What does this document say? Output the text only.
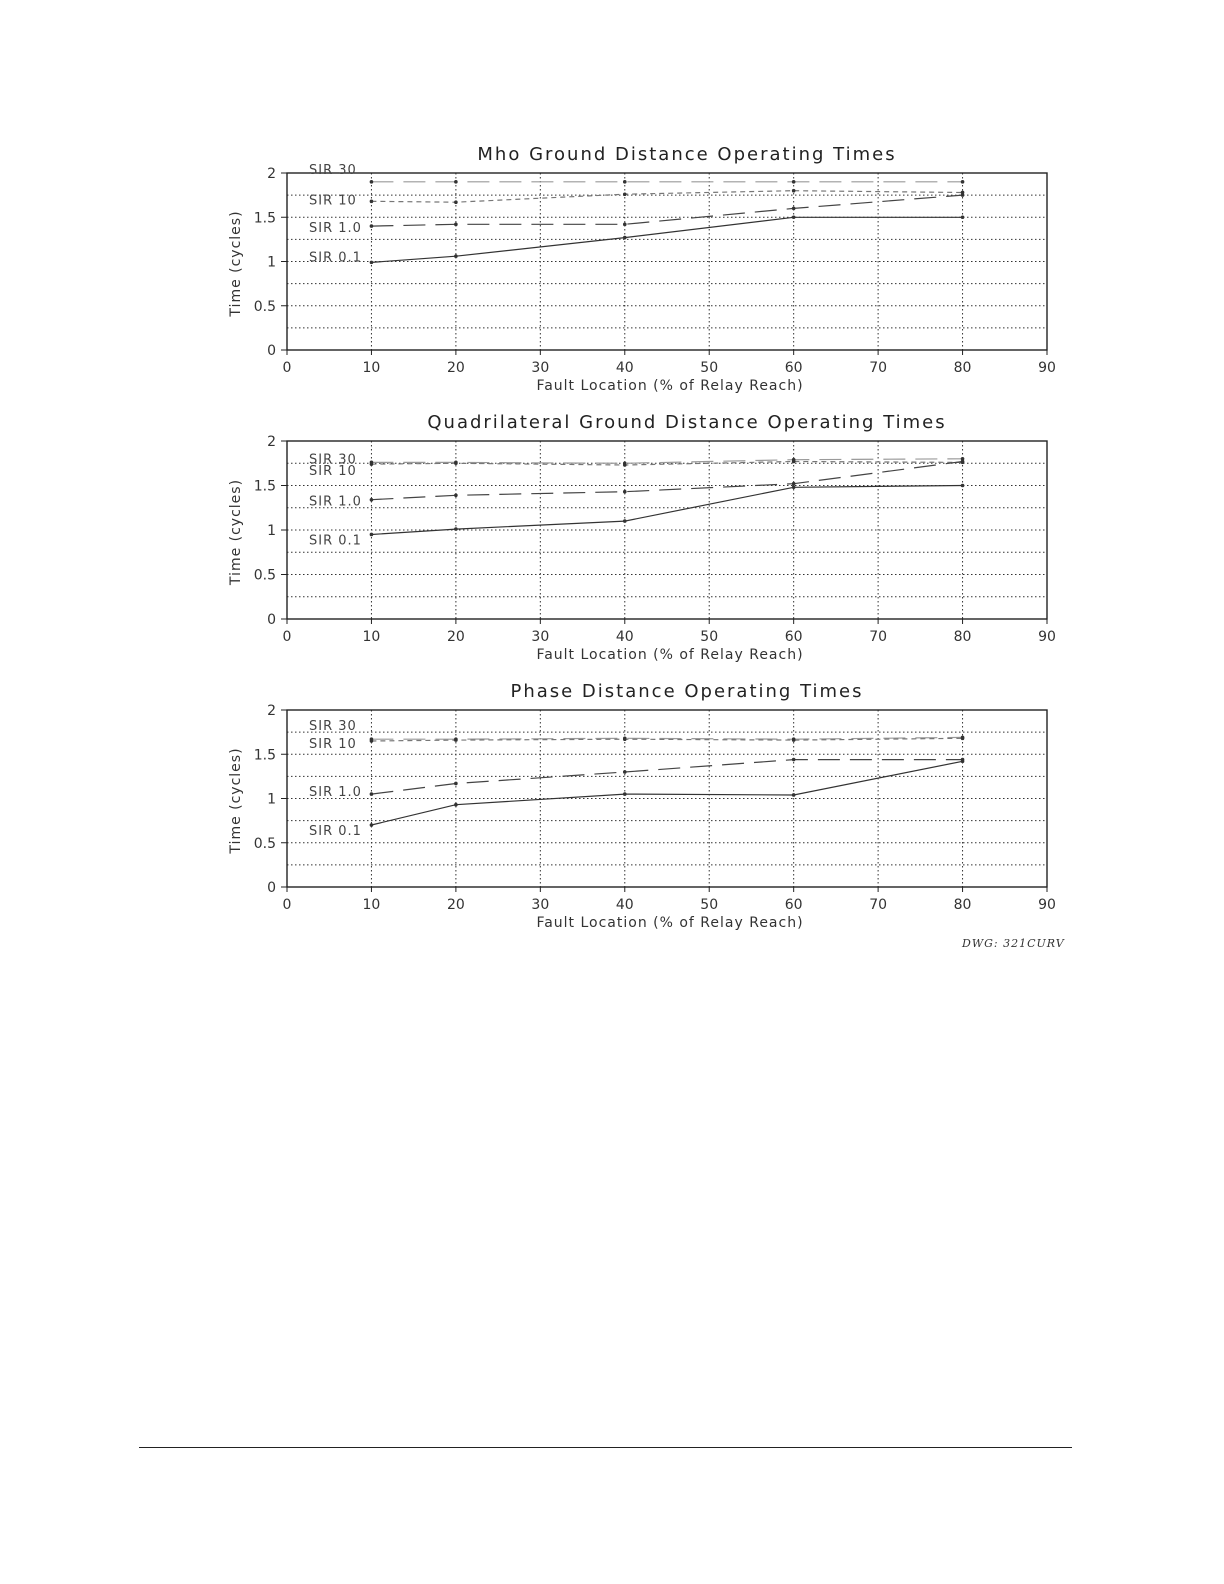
Mho Ground Distance Operating Times
0
0.5
1
1.5
2
0	10	20	30	40	50	60	70	80	90
Fault Location (% of Relay Reach)
Time (cycles)
SIR 30
SIR 10
SIR 1.0
SIR 0.1
Quadrilateral Ground Distance Operating Times
0
0.5
1
1.5
2
0	10	20	30	40	50	60	70	80	90
Fault Location (% of Relay Reach)
Time (cycles)
SIR 30
SIR 10
SIR 1.0
SIR 0.1
Phase Distance Operating Times
0
0.5
1
1.5
2
0	10	20	30	40	50	60	70	80	90
Fault Location (% of Relay Reach)
Time (cycles)
SIR 30
SIR 10
SIR 1.0
SIR 0.1
DWG: 321CURV
